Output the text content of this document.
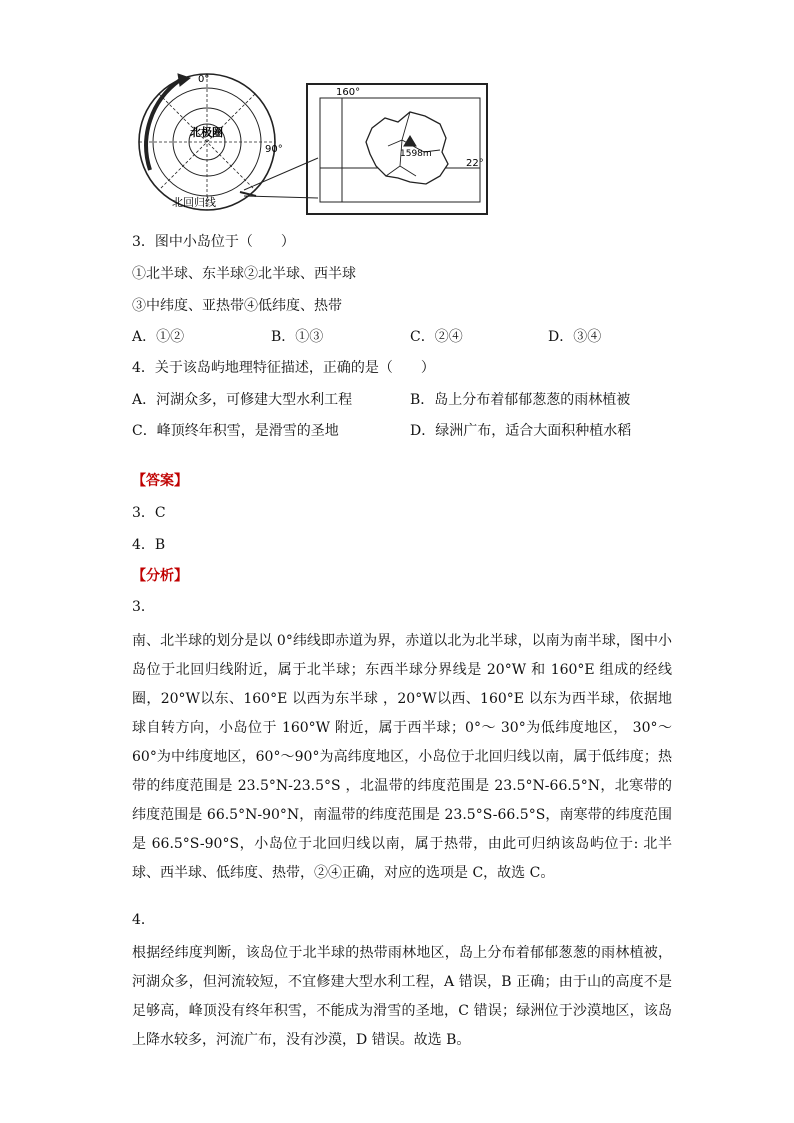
0°
90°
北极圈
北回归线
160°
22°
1598m
3．图中小岛位于（　　）
①北半球、东半球②北半球、西半球
③中纬度、亚热带④低纬度、热带
A．①②	B．①③	C．②④	D．③④
4．关于该岛屿地理特征描述，正确的是（　　）
A．河湖众多，可修建大型水利工程	B．岛上分布着郁郁葱葱的雨林植被
C．峰顶终年积雪，是滑雪的圣地	D．绿洲广布，适合大面积种植水稻
【答案】
3．C
4．B
【分析】
3．
南、北半球的划分是以 0°纬线即赤道为界，赤道以北为北半球，以南为南半球，图中小岛位于北回归线附近，属于北半球；东西半球分界线是 20°W 和 160°E 组成的经线圈，20°W以东、160°E 以西为东半球 ，20°W以西、160°E 以东为西半球，依据地球自转方向，小岛位于 160°W 附近，属于西半球；0°～ 30°为低纬度地区， 30°～ 60°为中纬度地区，60°～90°为高纬度地区，小岛位于北回归线以南，属于低纬度；热带的纬度范围是 23.5°N-23.5°S ，北温带的纬度范围是 23.5°N-66.5°N，北寒带的纬度范围是 66.5°N-90°N，南温带的纬度范围是 23.5°S-66.5°S，南寒带的纬度范围是 66.5°S-90°S，小岛位于北回归线以南，属于热带，由此可归纳该岛屿位于: 北半球、西半球、低纬度、热带，②④正确，对应的选项是 C，故选 C。
4．
根据经纬度判断，该岛位于北半球的热带雨林地区，岛上分布着郁郁葱葱的雨林植被，河湖众多，但河流较短，不宜修建大型水利工程，A 错误，B 正确；由于山的高度不是足够高，峰顶没有终年积雪，不能成为滑雪的圣地，C 错误；绿洲位于沙漠地区，该岛上降水较多，河流广布，没有沙漠，D 错误。故选 B。
